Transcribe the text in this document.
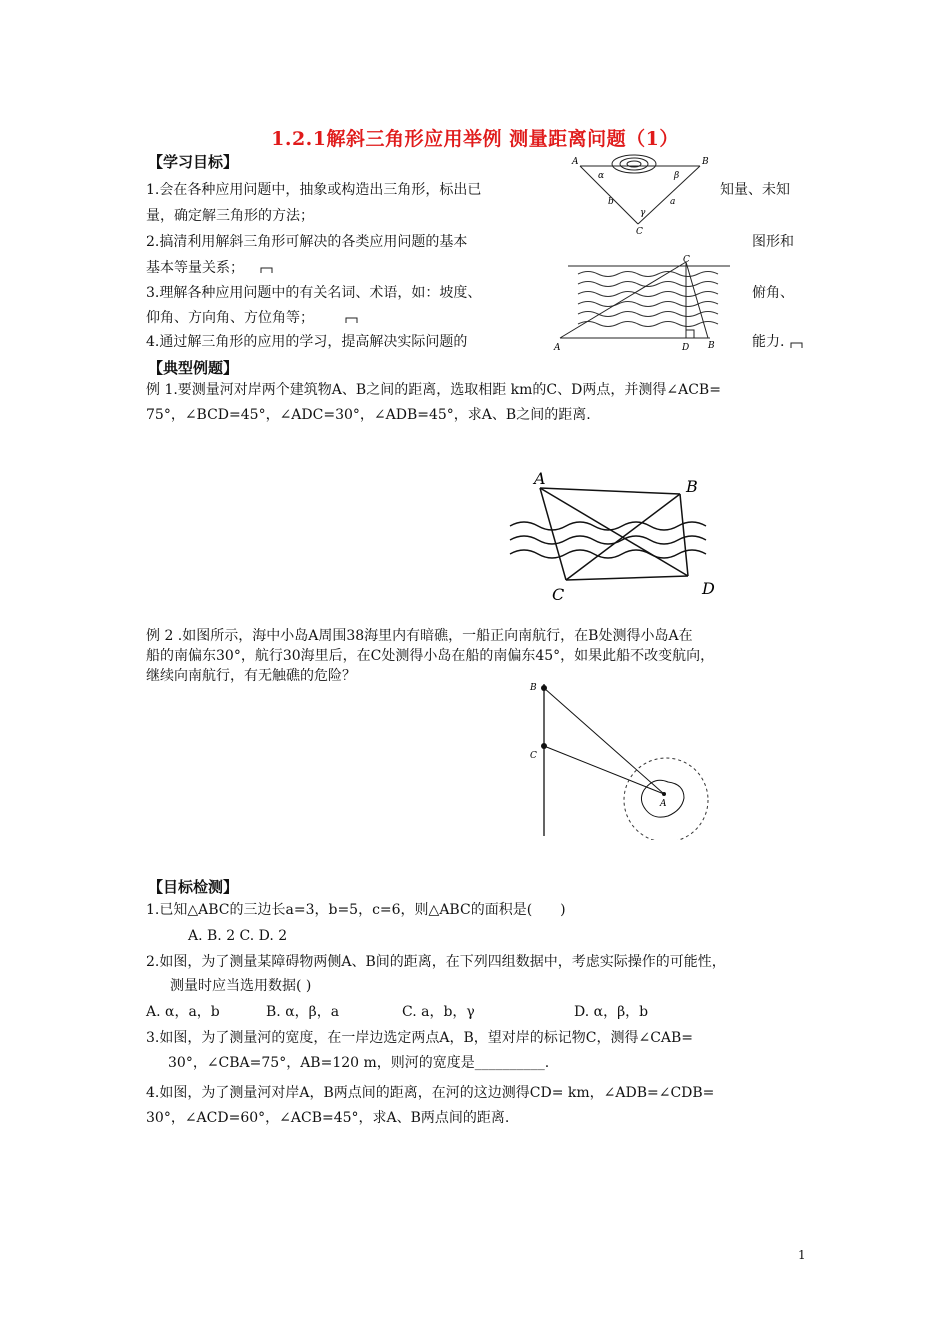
1.2.1解斜三角形应用举例 测量距离问题（1）
【学习目标】
1.会在各种应用问题中，抽象或构造出三角形，标出已	知量、未知
量，确定解三角形的方法；
2.搞清利用解斜三角形可解决的各类应用问题的基本	图形和
基本等量关系；
3.理解各种应用问题中的有关名词、术语，如：坡度、	俯角、
仰角、方向角、方位角等；
4.通过解三角形的应用的学习，提高解决实际问题的	能力.
A	B
C
α	β
γ
a
b
C
A	D B
【典型例题】
例 1.要测量河对岸两个建筑物A、B之间的距离，选取相距 km的C、D两点，并测得∠ACB=
75°，∠BCD=45°，∠ADC=30°，∠ADB=45°，求A、B之间的距离.
A	B
C	D
例 2 .如图所示，海中小岛A周围38海里内有暗礁，一船正向南航行，在B处测得小岛A在
船的南偏东30°，航行30海里后，在C处测得小岛在船的南偏东45°，如果此船不改变航向，
继续向南航行，有无触礁的危险？
B
C
A
【目标检测】
1.已知△ABC的三边长a=3，b=5，c=6，则△ABC的面积是(　　)
A. B. 2 C. D. 2
2.如图，为了测量某障碍物两侧A、B间的距离，在下列四组数据中，考虑实际操作的可能性，
测量时应当选用数据( )
A. α，a，b	B. α，β，a	C. a，b，γ	D. α，β，b
3.如图，为了测量河的宽度，在一岸边选定两点A，B，望对岸的标记物C，测得∠CAB=
30°，∠CBA=75°，AB=120 m，则河的宽度是__________.
4.如图，为了测量河对岸A，B两点间的距离，在河的这边测得CD= km，∠ADB=∠CDB=
30°，∠ACD=60°，∠ACB=45°，求A、B两点间的距离.
1
